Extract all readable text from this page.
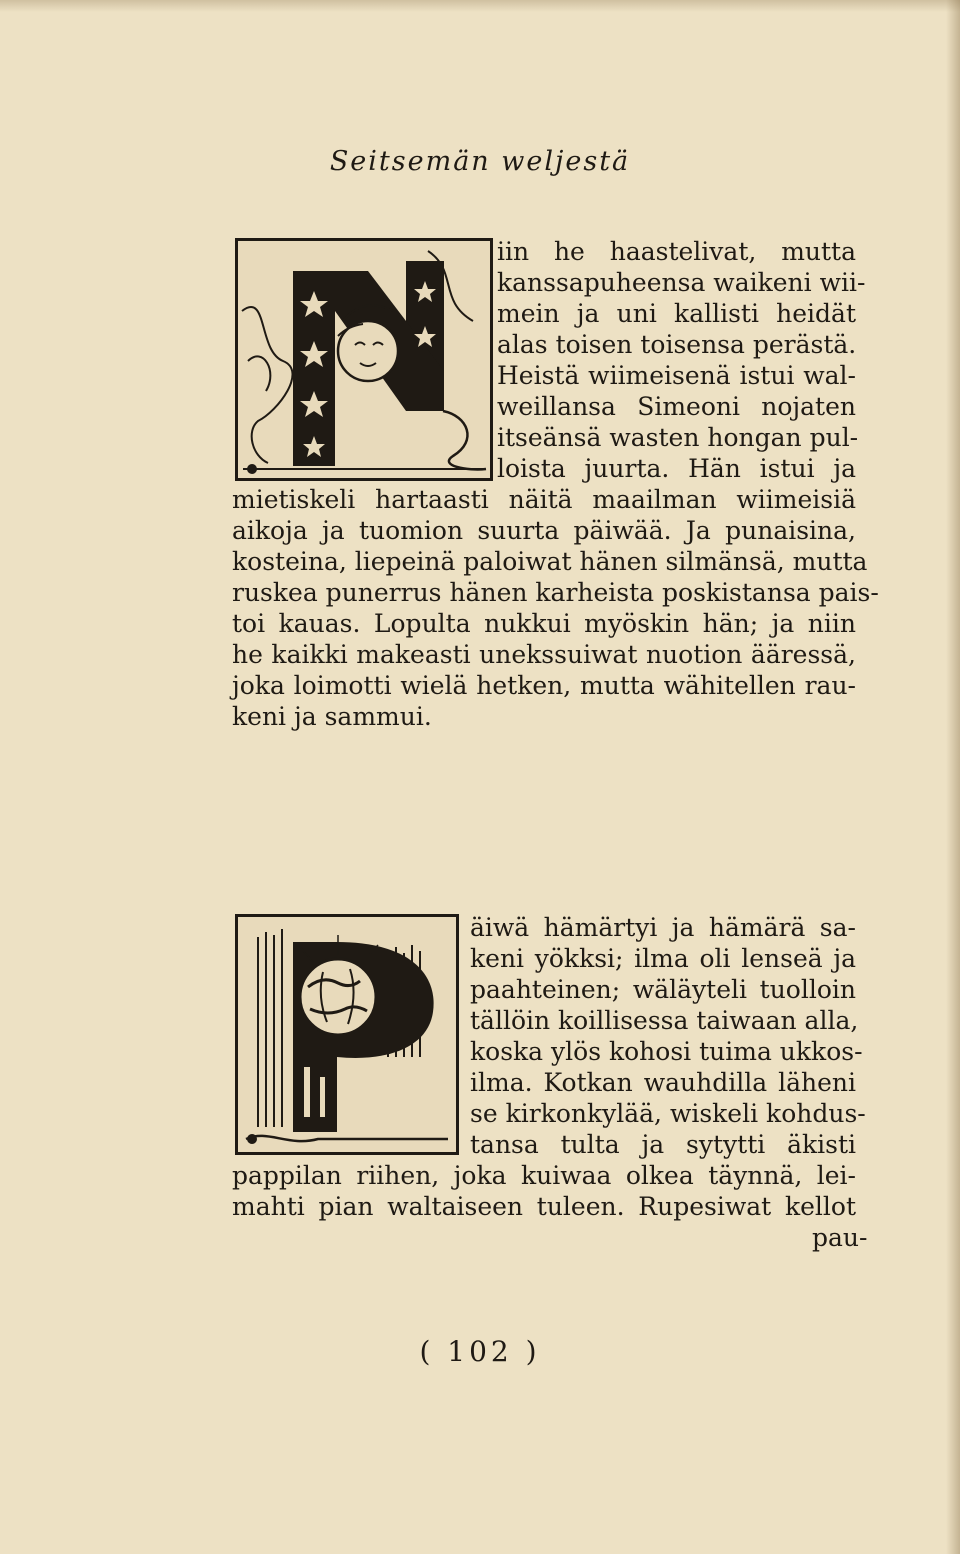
Seitsemän weljestä
iin he haastelivat, mutta
kanssapuheensa waikeni wii-
mein ja uni kallisti heidät
alas toisen toisensa perästä.
Heistä wiimeisenä istui wal-
weillansa Simeoni nojaten
itseänsä wasten hongan pul-
loista juurta. Hän istui ja
mietiskeli hartaasti näitä maailman wiimeisiä
aikoja ja tuomion suurta päiwää. Ja punaisina,
kosteina, liepeinä paloiwat hänen silmänsä, mutta
ruskea punerrus hänen karheista poskistansa pais-
toi kauas. Lopulta nukkui myöskin hän; ja niin
he kaikki makeasti unekssuiwat nuotion ääressä,
joka loimotti wielä hetken, mutta wähitellen rau-
keni ja sammui.
äiwä hämärtyi ja hämärä sa-
keni yökksi; ilma oli lenseä ja
paahteinen; wäläyteli tuolloin
tällöin koillisessa taiwaan alla,
koska ylös kohosi tuima ukkos-
ilma. Kotkan wauhdilla läheni
se kirkonkylää, wiskeli kohdus-
tansa tulta ja sytytti äkisti
pappilan riihen, joka kuiwaa olkea täynnä, lei-
mahti pian waltaiseen tuleen. Rupesiwat kellot
pau-
( 102 )
